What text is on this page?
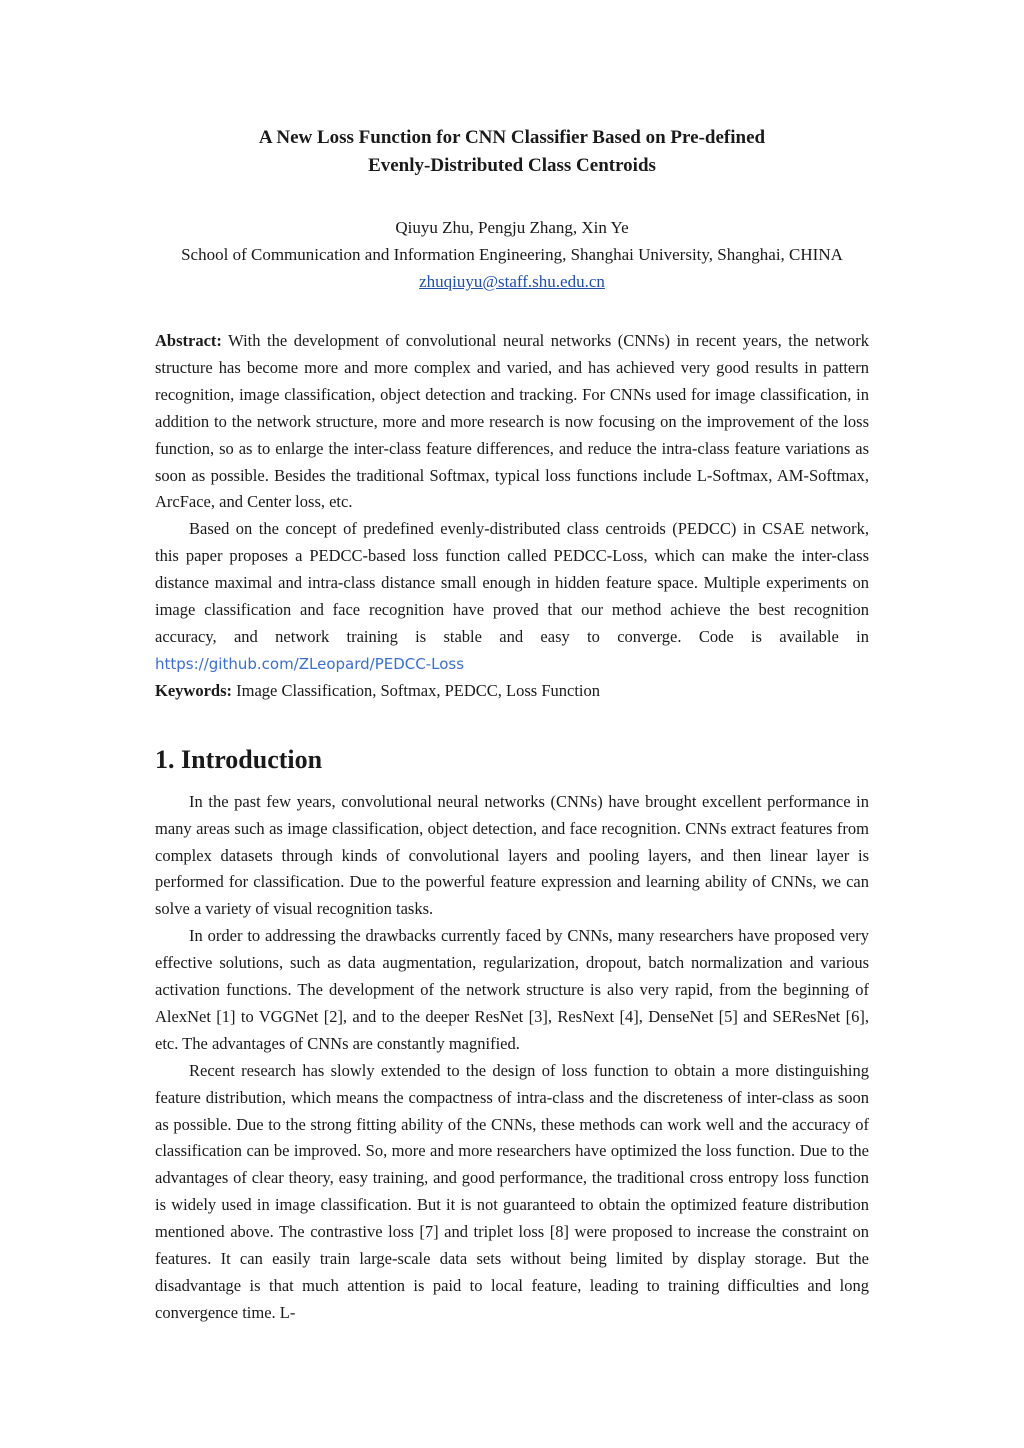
A New Loss Function for CNN Classifier Based on Pre-defined
Evenly-Distributed Class Centroids
Qiuyu Zhu, Pengju Zhang, Xin Ye
School of Communication and Information Engineering, Shanghai University, Shanghai, CHINA
zhuqiuyu@staff.shu.edu.cn

Abstract: With the development of convolutional neural networks (CNNs) in recent years, the network structure has become more and more complex and varied, and has achieved very good results in pattern recognition, image classification, object detection and tracking. For CNNs used for image classification, in addition to the network structure, more and more research is now focusing on the improvement of the loss function, so as to enlarge the inter-class feature differences, and reduce the intra-class feature variations as soon as possible. Besides the traditional Softmax, typical loss functions include L-Softmax, AM-Softmax, ArcFace, and Center loss, etc.

Based on the concept of predefined evenly-distributed class centroids (PEDCC) in CSAE network, this paper proposes a PEDCC-based loss function called PEDCC-Loss, which can make the inter-class distance maximal and intra-class distance small enough in hidden feature space. Multiple experiments on image classification and face recognition have proved that our method achieve the best recognition accuracy, and network training is stable and easy to converge. Code is available in https://github.com/ZLeopard/PEDCC-Loss

Keywords: Image Classification, Softmax, PEDCC, Loss Function

1. Introduction

In the past few years, convolutional neural networks (CNNs) have brought excellent performance in many areas such as image classification, object detection, and face recognition. CNNs extract features from complex datasets through kinds of convolutional layers and pooling layers, and then linear layer is performed for classification. Due to the powerful feature expression and learning ability of CNNs, we can solve a variety of visual recognition tasks.

In order to addressing the drawbacks currently faced by CNNs, many researchers have proposed very effective solutions, such as data augmentation, regularization, dropout, batch normalization and various activation functions. The development of the network structure is also very rapid, from the beginning of AlexNet [1] to VGGNet [2], and to the deeper ResNet [3], ResNext [4], DenseNet [5] and SEResNet [6], etc. The advantages of CNNs are constantly magnified.

Recent research has slowly extended to the design of loss function to obtain a more distinguishing feature distribution, which means the compactness of intra-class and the discreteness of inter-class as soon as possible. Due to the strong fitting ability of the CNNs, these methods can work well and the accuracy of classification can be improved. So, more and more researchers have optimized the loss function. Due to the advantages of clear theory, easy training, and good performance, the traditional cross entropy loss function is widely used in image classification. But it is not guaranteed to obtain the optimized feature distribution mentioned above. The contrastive loss [7] and triplet loss [8] were proposed to increase the constraint on features. It can easily train large-scale data sets without being limited by display storage. But the disadvantage is that much attention is paid to local feature, leading to training difficulties and long convergence time. L-
